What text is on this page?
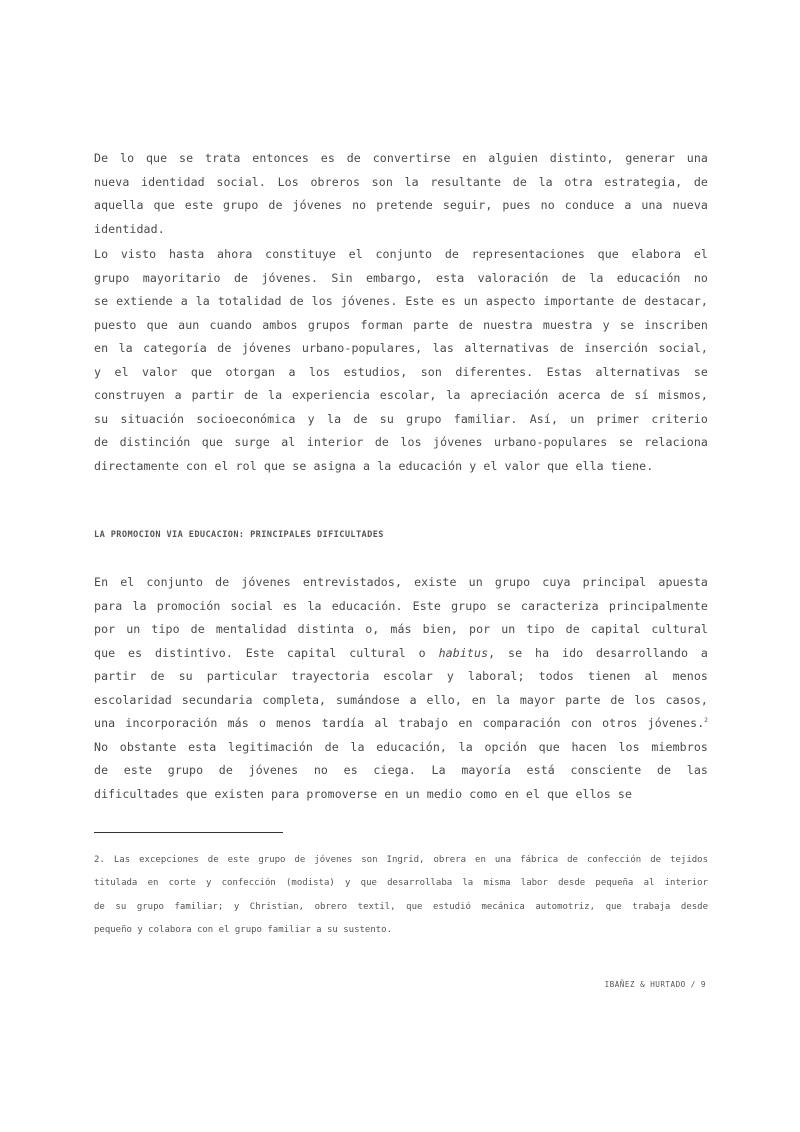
De lo que se trata entonces es de convertirse en alguien distinto, generar una
nueva identidad social. Los obreros son la resultante de la otra estrategia, de
aquella que este grupo de jóvenes no pretende seguir, pues no conduce a una nueva
identidad.

Lo visto hasta ahora constituye el conjunto de representaciones que elabora el
grupo mayoritario de jóvenes. Sin embargo, esta valoración de la educación no
se extiende a la totalidad de los jóvenes. Este es un aspecto importante de destacar,
puesto que aun cuando ambos grupos forman parte de nuestra muestra y se inscriben
en la categoría de jóvenes urbano-populares, las alternativas de inserción social,
y el valor que otorgan a los estudios, son diferentes. Estas alternativas se
construyen a partir de la experiencia escolar, la apreciación acerca de sí mismos,
su situación socioeconómica y la de su grupo familiar. Así, un primer criterio
de distinción que surge al interior de los jóvenes urbano-populares se relaciona
directamente con el rol que se asigna a la educación y el valor que ella tiene.

LA PROMOCION VIA EDUCACION: PRINCIPALES DIFICULTADES

En el conjunto de jóvenes entrevistados, existe un grupo cuya principal apuesta
para la promoción social es la educación. Este grupo se caracteriza principalmente
por un tipo de mentalidad distinta o, más bien, por un tipo de capital cultural
que es distintivo. Este capital cultural o habitus, se ha ido desarrollando a
partir de su particular trayectoria escolar y laboral; todos tienen al menos
escolaridad secundaria completa, sumándose a ello, en la mayor parte de los casos,
una incorporación más o menos tardía al trabajo en comparación con otros jóvenes.$^2$
No obstante esta legitimación de la educación, la opción que hacen los miembros
de este grupo de jóvenes no es ciega. La mayoría está consciente de las
dificultades que existen para promoverse en un medio como en el que ellos se

2. Las excepciones de este grupo de jóvenes son Ingrid, obrera en una fábrica de confección de tejidos
titulada en corte y confección (modista) y que desarrollaba la misma labor desde pequeña al interior
de su grupo familiar; y Christian, obrero textil, que estudió mecánica automotriz, que trabaja desde
pequeño y colabora con el grupo familiar a su sustento.

IBAÑEZ & HURTADO / 9
